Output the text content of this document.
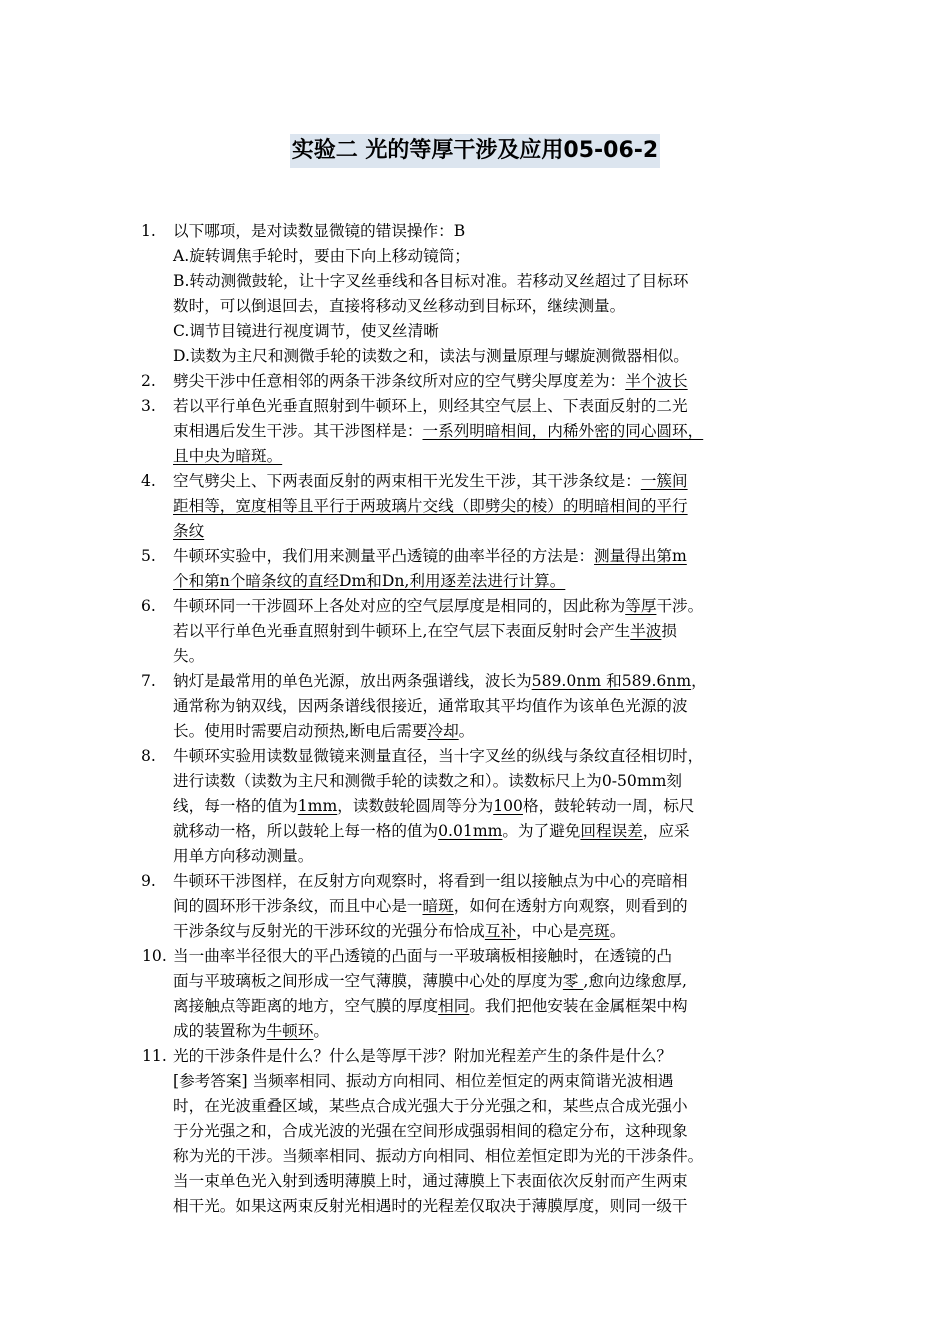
实验二 光的等厚干涉及应用05-06-2
1. 以下哪项，是对读数显微镜的错误操作：B
A.旋转调焦手轮时，要由下向上移动镜筒；
B.转动测微鼓轮，让十字叉丝垂线和各目标对准。若移动叉丝超过了目标环
数时，可以倒退回去，直接将移动叉丝移动到目标环，继续测量。
C.调节目镜进行视度调节，使叉丝清晰
D.读数为主尺和测微手轮的读数之和，读法与测量原理与螺旋测微器相似。
2. 劈尖干涉中任意相邻的两条干涉条纹所对应的空气劈尖厚度差为：半个波长
3. 若以平行单色光垂直照射到牛顿环上，则经其空气层上、下表面反射的二光
束相遇后发生干涉。其干涉图样是：一系列明暗相间，内稀外密的同心圆环，
且中央为暗斑。
4. 空气劈尖上、下两表面反射的两束相干光发生干涉，其干涉条纹是：一簇间
距相等，宽度相等且平行于两玻璃片交线（即劈尖的棱）的明暗相间的平行
条纹
5. 牛顿环实验中，我们用来测量平凸透镜的曲率半径的方法是：测量得出第m
个和第n个暗条纹的直经Dm和Dn,利用逐差法进行计算。
6. 牛顿环同一干涉圆环上各处对应的空气层厚度是相同的，因此称为等厚干涉。
若以平行单色光垂直照射到牛顿环上,在空气层下表面反射时会产生半波损
失。
7. 钠灯是最常用的单色光源，放出两条强谱线，波长为589.0nm 和589.6nm，
通常称为钠双线，因两条谱线很接近，通常取其平均值作为该单色光源的波
长。使用时需要启动预热,断电后需要冷却。
8. 牛顿环实验用读数显微镜来测量直径，当十字叉丝的纵线与条纹直径相切时，
进行读数（读数为主尺和测微手轮的读数之和）。读数标尺上为0-50mm刻
线，每一格的值为1mm，读数鼓轮圆周等分为100格，鼓轮转动一周，标尺
就移动一格，所以鼓轮上每一格的值为0.01mm。为了避免回程误差，应采
用单方向移动测量。
9. 牛顿环干涉图样，在反射方向观察时，将看到一组以接触点为中心的亮暗相
间的圆环形干涉条纹，而且中心是一暗斑，如何在透射方向观察，则看到的
干涉条纹与反射光的干涉环纹的光强分布恰成互补，中心是亮斑。
10. 当一曲率半径很大的平凸透镜的凸面与一平玻璃板相接触时，在透镜的凸
面与平玻璃板之间形成一空气薄膜，薄膜中心处的厚度为零 ,愈向边缘愈厚,
离接触点等距离的地方，空气膜的厚度相同。我们把他安装在金属框架中构
成的装置称为牛顿环。
11. 光的干涉条件是什么？什么是等厚干涉？附加光程差产生的条件是什么？
[参考答案] 当频率相同、振动方向相同、相位差恒定的两束简谐光波相遇
时，在光波重叠区域，某些点合成光强大于分光强之和，某些点合成光强小
于分光强之和，合成光波的光强在空间形成强弱相间的稳定分布，这种现象
称为光的干涉。当频率相同、振动方向相同、相位差恒定即为光的干涉条件。
当一束单色光入射到透明薄膜上时，通过薄膜上下表面依次反射而产生两束
相干光。如果这两束反射光相遇时的光程差仅取决于薄膜厚度，则同一级干
